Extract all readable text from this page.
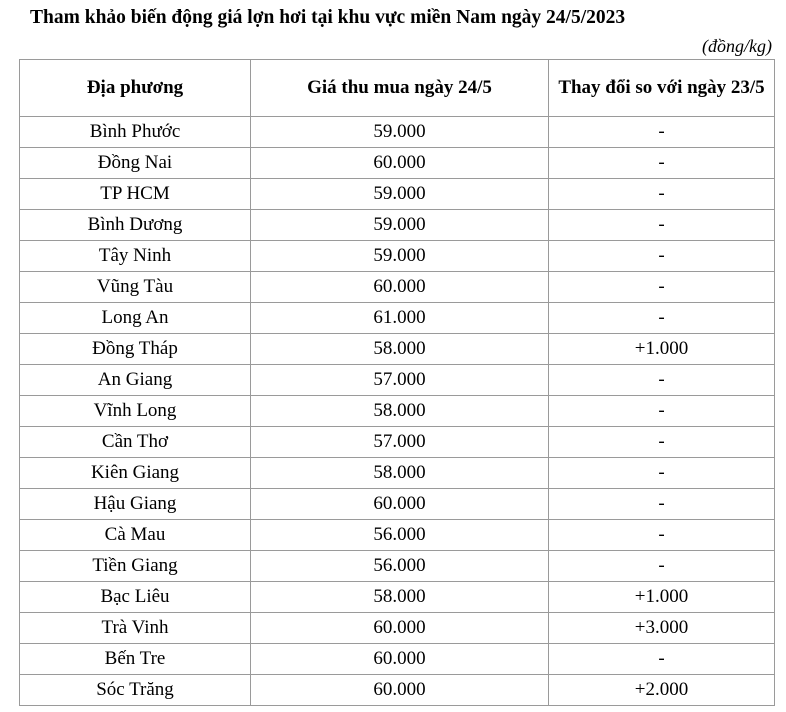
Tham khảo biến động giá lợn hơi tại khu vực miền Nam ngày 24/5/2023
(đồng/kg)
Địa phương	Giá thu mua ngày 24/5	Thay đổi so với ngày 23/5
Bình Phước	59.000	-
Đồng Nai	60.000	-
TP HCM	59.000	-
Bình Dương	59.000	-
Tây Ninh	59.000	-
Vũng Tàu	60.000	-
Long An	61.000	-
Đồng Tháp	58.000	+1.000
An Giang	57.000	-
Vĩnh Long	58.000	-
Cần Thơ	57.000	-
Kiên Giang	58.000	-
Hậu Giang	60.000	-
Cà Mau	56.000	-
Tiền Giang	56.000	-
Bạc Liêu	58.000	+1.000
Trà Vinh	60.000	+3.000
Bến Tre	60.000	-
Sóc Trăng	60.000	+2.000
